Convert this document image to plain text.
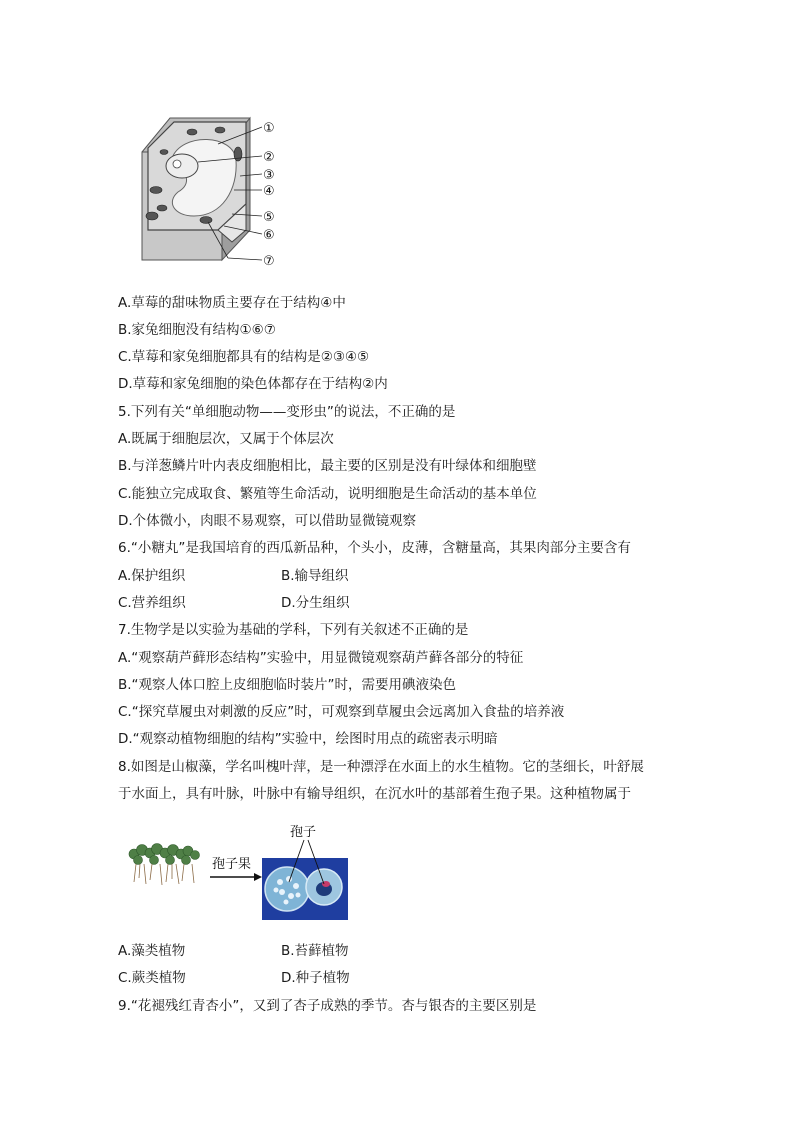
①
②
③
④
⑤
⑥
⑦
A.草莓的甜味物质主要存在于结构④中
B.家兔细胞没有结构①⑥⑦
C.草莓和家兔细胞都具有的结构是②③④⑤
D.草莓和家兔细胞的染色体都存在于结构②内
5.下列有关“单细胞动物——变形虫”的说法，不正确的是
A.既属于细胞层次，又属于个体层次
B.与洋葱鳞片叶内表皮细胞相比，最主要的区别是没有叶绿体和细胞壁
C.能独立完成取食、繁殖等生命活动，说明细胞是生命活动的基本单位
D.个体微小，肉眼不易观察，可以借助显微镜观察
6.“小糖丸”是我国培育的西瓜新品种，个头小，皮薄，含糖量高，其果肉部分主要含有
A.保护组织	B.输导组织
C.营养组织	D.分生组织
7.生物学是以实验为基础的学科，下列有关叙述不正确的是
A.“观察葫芦藓形态结构”实验中，用显微镜观察葫芦藓各部分的特征
B.“观察人体口腔上皮细胞临时装片”时，需要用碘液染色
C.“探究草履虫对刺激的反应”时，可观察到草履虫会远离加入食盐的培养液
D.“观察动植物细胞的结构”实验中，绘图时用点的疏密表示明暗
8.如图是山椒藻，学名叫槐叶萍，是一种漂浮在水面上的水生植物。它的茎细长，叶舒展
于水面上，具有叶脉，叶脉中有输导组织，在沉水叶的基部着生孢子果。这种植物属于
孢子果
孢子
A.藻类植物	B.苔藓植物
C.蕨类植物	D.种子植物
9.“花褪残红青杏小”，又到了杏子成熟的季节。杏与银杏的主要区别是
